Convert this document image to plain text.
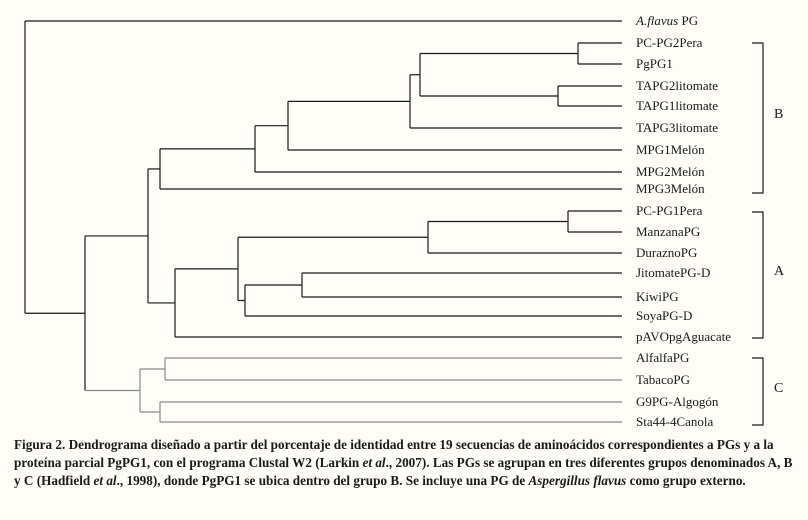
A.flavus PG
PC-PG2Pera
PgPG1
TAPG2litomate
TAPG1litomate
TAPG3litomate
MPG1Melón
MPG2Melón
MPG3Melón
PC-PG1Pera
ManzanaPG
DuraznoPG
JitomatePG-D
KiwiPG
SoyaPG-D
pAVOpgAguacate
AlfalfaPG
TabacoPG
G9PG-Algogón
Sta44-4Canola
B
A
C
Figura 2. Dendrograma diseñado a partir del porcentaje de identidad entre 19 secuencias de aminoácidos correspondientes a PGs y a la proteína parcial PgPG1, con el programa Clustal W2 (Larkin et al., 2007). Las PGs se agrupan en tres diferentes grupos denominados A, B y C (Hadfield et al., 1998), donde PgPG1 se ubica dentro del grupo B. Se incluye una PG de Aspergillus flavus como grupo externo.
